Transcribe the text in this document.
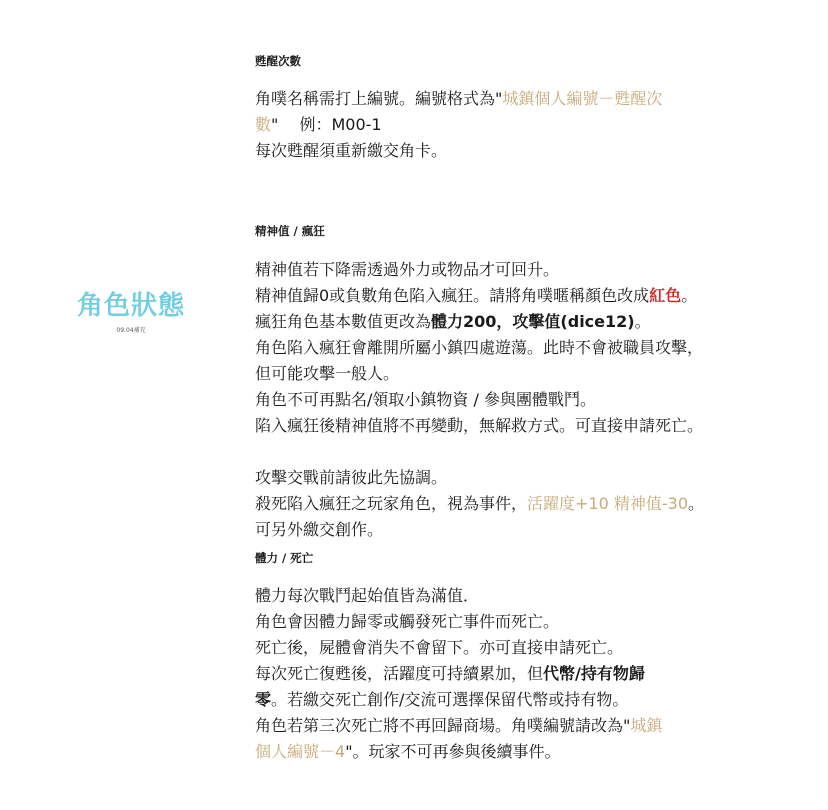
角色狀態
09.04補充

甦醒次數

角噗名稱需打上編號。編號格式為"城鎮個人編號－甦醒次

數"　 例：M00-1

每次甦醒須重新繳交角卡。

精神值 / 瘋狂

精神值若下降需透過外力或物品才可回升。

精神值歸0或負數角色陷入瘋狂。請將角噗暱稱顏色改成紅色。

瘋狂角色基本數值更改為體力200，攻擊值(dice12)。

角色陷入瘋狂會離開所屬小鎮四處遊蕩。此時不會被職員攻擊，

但可能攻擊一般人。

角色不可再點名/領取小鎮物資 / 參與團體戰鬥。

陷入瘋狂後精神值將不再變動，無解救方式。可直接申請死亡。

攻擊交戰前請彼此先協調。

殺死陷入瘋狂之玩家角色，視為事件，活躍度+10 精神值-30。

可另外繳交創作。

體力 / 死亡

體力每次戰鬥起始值皆為滿值．

角色會因體力歸零或觸發死亡事件而死亡。

死亡後，屍體會消失不會留下。亦可直接申請死亡。

每次死亡復甦後，活躍度可持續累加，但代幣/持有物歸

零。若繳交死亡創作/交流可選擇保留代幣或持有物。

角色若第三次死亡將不再回歸商場。角噗編號請改為"城鎮

個人編號－4"。玩家不可再參與後續事件。
